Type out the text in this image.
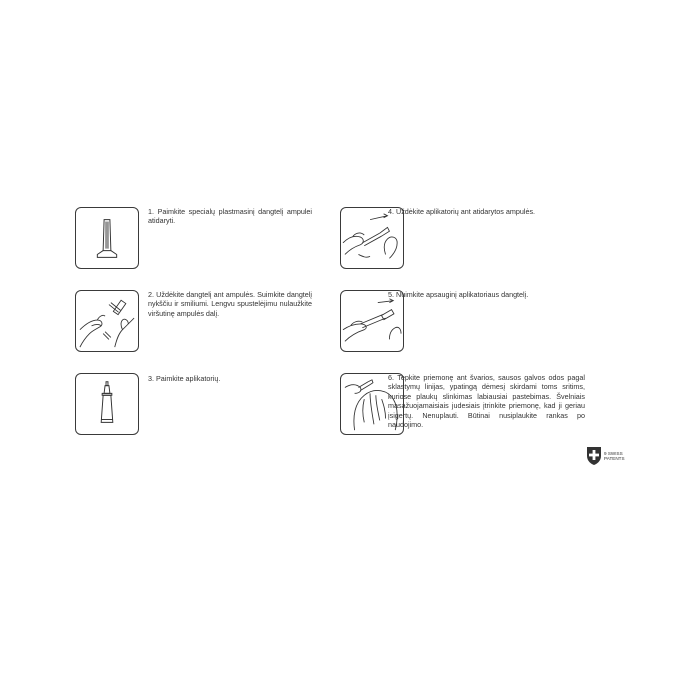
1. Paimkite specialų plastmasinį dangtelį ampulei atidaryti.
2. Uždėkite dangtelį ant ampulės. Suimkite dangtelį nykščiu ir smiliumi. Lengvu spustelėjimu nulaužkite viršutinę ampulės dalį.
3. Paimkite aplikatorių.
4. Uždėkite aplikatorių ant atidarytos ampulės.
5. Nuimkite apsauginį aplikatoriaus dangtelį.
6. Tepkite priemonę ant švarios, sausos galvos odos pagal sklastymų linijas, ypatingą dėmesį skirdami toms sritims, kuriose plaukų slinkimas labiausiai pastebimas. Švelniais masažuojamaisiais judesiais įtrinkite priemonę, kad ji geriau įsigertų. Nenuplauti. Būtinai nusiplaukite rankas po naudojimo.
9 SWISS
PATENTS
